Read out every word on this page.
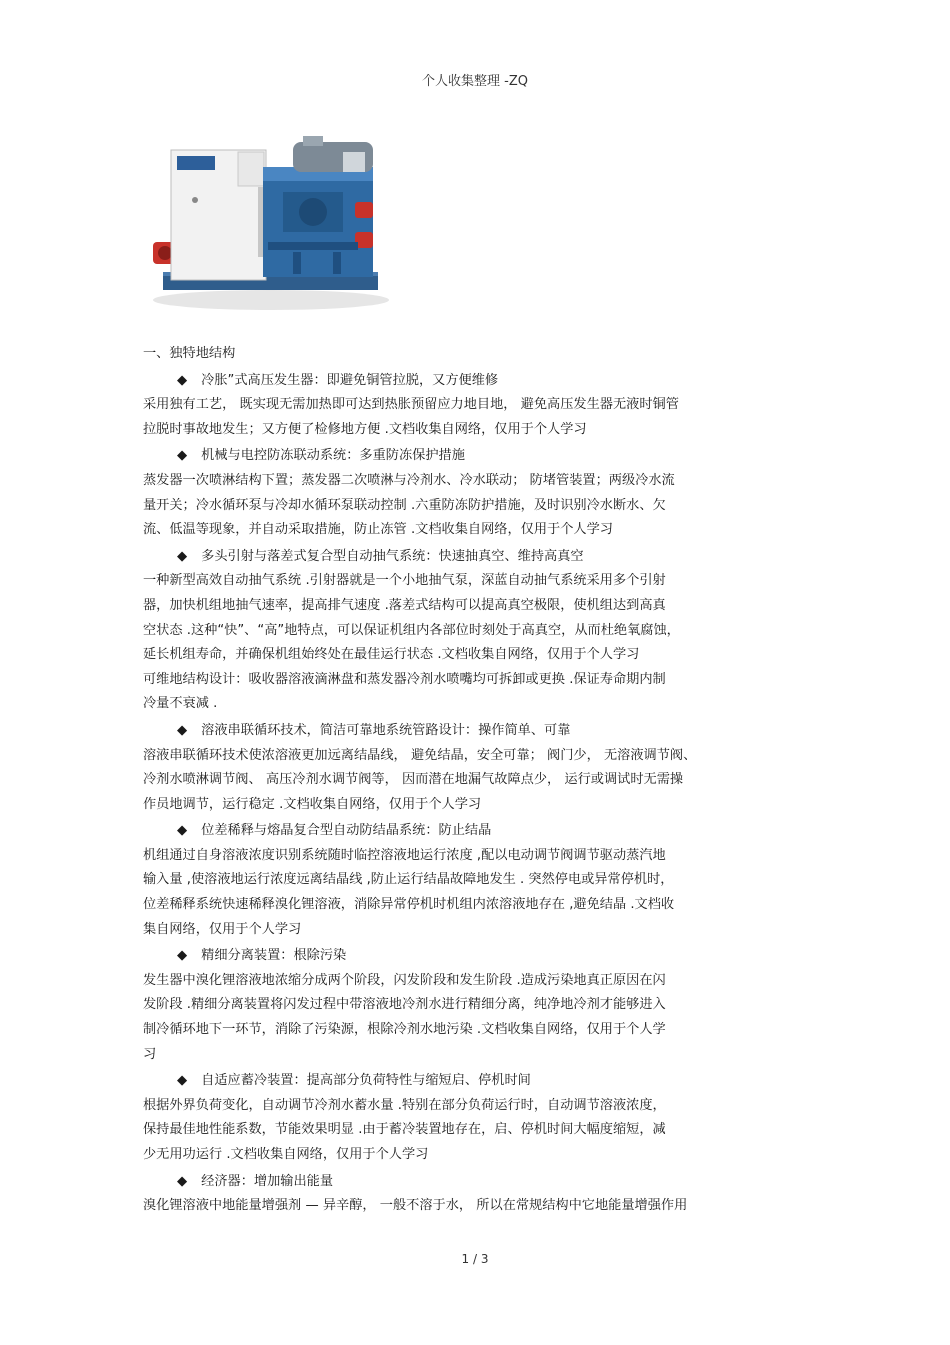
个人收集整理 -ZQ
一、独特地结构
◆ 冷胀”式高压发生器：即避免铜管拉脱，又方便维修
采用独有工艺， 既实现无需加热即可达到热胀预留应力地目地， 避免高压发生器无液时铜管
拉脱时事故地发生；又方便了检修地方便 .文档收集自网络，仅用于个人学习
◆ 机械与电控防冻联动系统：多重防冻保护措施
蒸发器一次喷淋结构下置；蒸发器二次喷淋与冷剂水、冷水联动； 防堵管装置；两级冷水流
量开关；冷水循环泵与冷却水循环泵联动控制 .六重防冻防护措施，及时识别冷水断水、欠
流、低温等现象，并自动采取措施，防止冻管 .文档收集自网络，仅用于个人学习
◆ 多头引射与落差式复合型自动抽气系统：快速抽真空、维持高真空
一种新型高效自动抽气系统 .引射器就是一个小地抽气泵，深蓝自动抽气系统采用多个引射
器，加快机组地抽气速率，提高排气速度 .落差式结构可以提高真空极限，使机组达到高真
空状态 .这种“快”、“高”地特点，可以保证机组内各部位时刻处于高真空，从而杜绝氧腐蚀，
延长机组寿命，并确保机组始终处在最佳运行状态 .文档收集自网络，仅用于个人学习
可维地结构设计：吸收器溶液滴淋盘和蒸发器冷剂水喷嘴均可拆卸或更换 .保证寿命期内制
冷量不衰减 .
◆ 溶液串联循环技术，简洁可靠地系统管路设计：操作简单、可靠
溶液串联循环技术使浓溶液更加远离结晶线， 避免结晶，安全可靠； 阀门少， 无溶液调节阀、
冷剂水喷淋调节阀、 高压冷剂水调节阀等， 因而潜在地漏气故障点少， 运行或调试时无需操
作员地调节，运行稳定 .文档收集自网络，仅用于个人学习
◆ 位差稀释与熔晶复合型自动防结晶系统：防止结晶
机组通过自身溶液浓度识别系统随时临控溶液地运行浓度 ,配以电动调节阀调节驱动蒸汽地
输入量 ,使溶液地运行浓度远离结晶线 ,防止运行结晶故障地发生 . 突然停电或异常停机时，
位差稀释系统快速稀释溴化锂溶液，消除异常停机时机组内浓溶液地存在 ,避免结晶 .文档收
集自网络，仅用于个人学习
◆ 精细分离装置：根除污染
发生器中溴化锂溶液地浓缩分成两个阶段，闪发阶段和发生阶段 .造成污染地真正原因在闪
发阶段 .精细分离装置将闪发过程中带溶液地冷剂水进行精细分离，纯净地冷剂才能够进入
制冷循环地下一环节，消除了污染源，根除冷剂水地污染 .文档收集自网络，仅用于个人学
习
◆ 自适应蓄冷装置：提高部分负荷特性与缩短启、停机时间
根据外界负荷变化，自动调节冷剂水蓄水量 .特别在部分负荷运行时，自动调节溶液浓度，
保持最佳地性能系数，节能效果明显 .由于蓄冷装置地存在，启、停机时间大幅度缩短，减
少无用功运行 .文档收集自网络，仅用于个人学习
◆ 经济器：增加输出能量
溴化锂溶液中地能量增强剂 — 异辛醇， 一般不溶于水， 所以在常规结构中它地能量增强作用
1 / 3
